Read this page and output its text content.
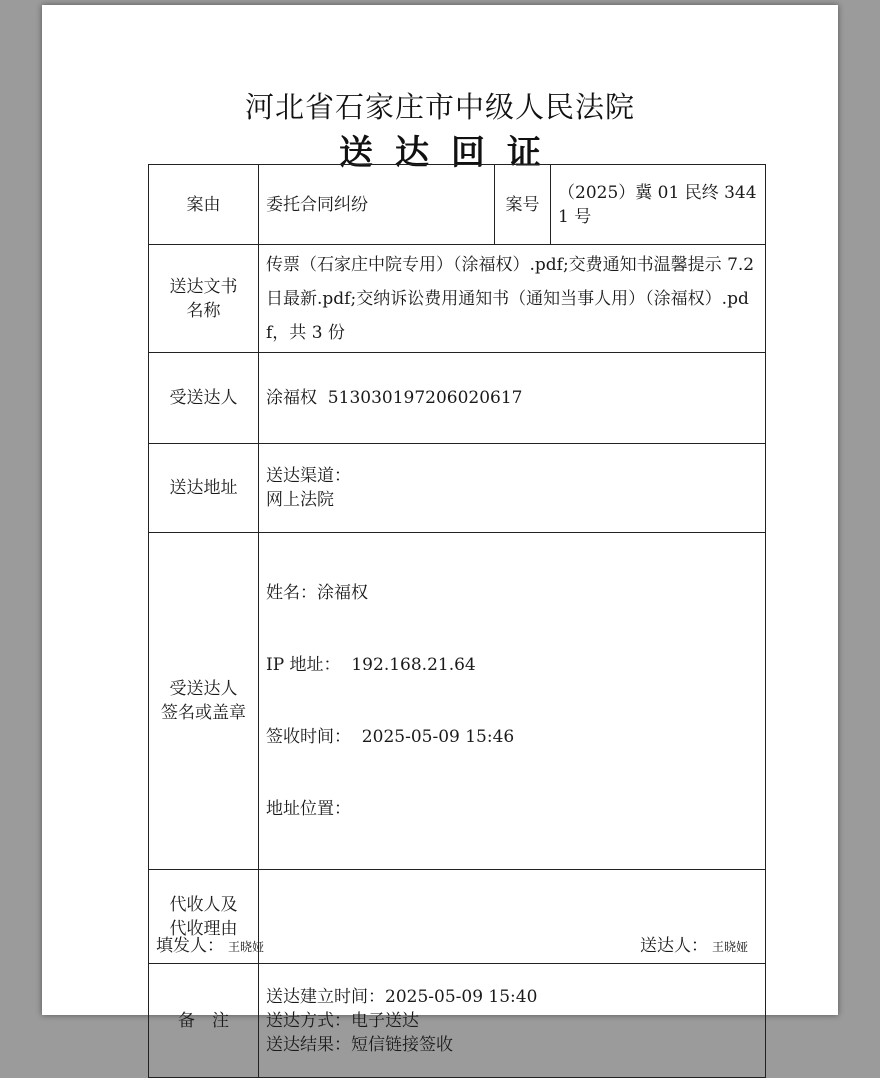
河北省石家庄市中级人民法院
送达回证
案由	委托合同纠纷	案号	（2025）冀 01 民终 3441 号

送达文书
名称	传票（石家庄中院专用）（涂福权）.pdf;交费通知书温馨提示 7.2 日最新.pdf;交纳诉讼费用通知书（通知当事人用）（涂福权）.pdf，共 3 份		
受送达人	涂福权  513030197206020617		
送达地址	送达渠道：
网上法院		

受送达人
签名或盖章	姓名：涂福权

IP 地址：  192.168.21.64

签收时间：  2025-05-09 15:46

地址位置：		

代收人及
代收理由			

备　注	送达建立时间：2025-05-09 15:40
送达方式：电子送达
送达结果：短信链接签收		
填发人： 王晓娅	送达人： 王晓娅
